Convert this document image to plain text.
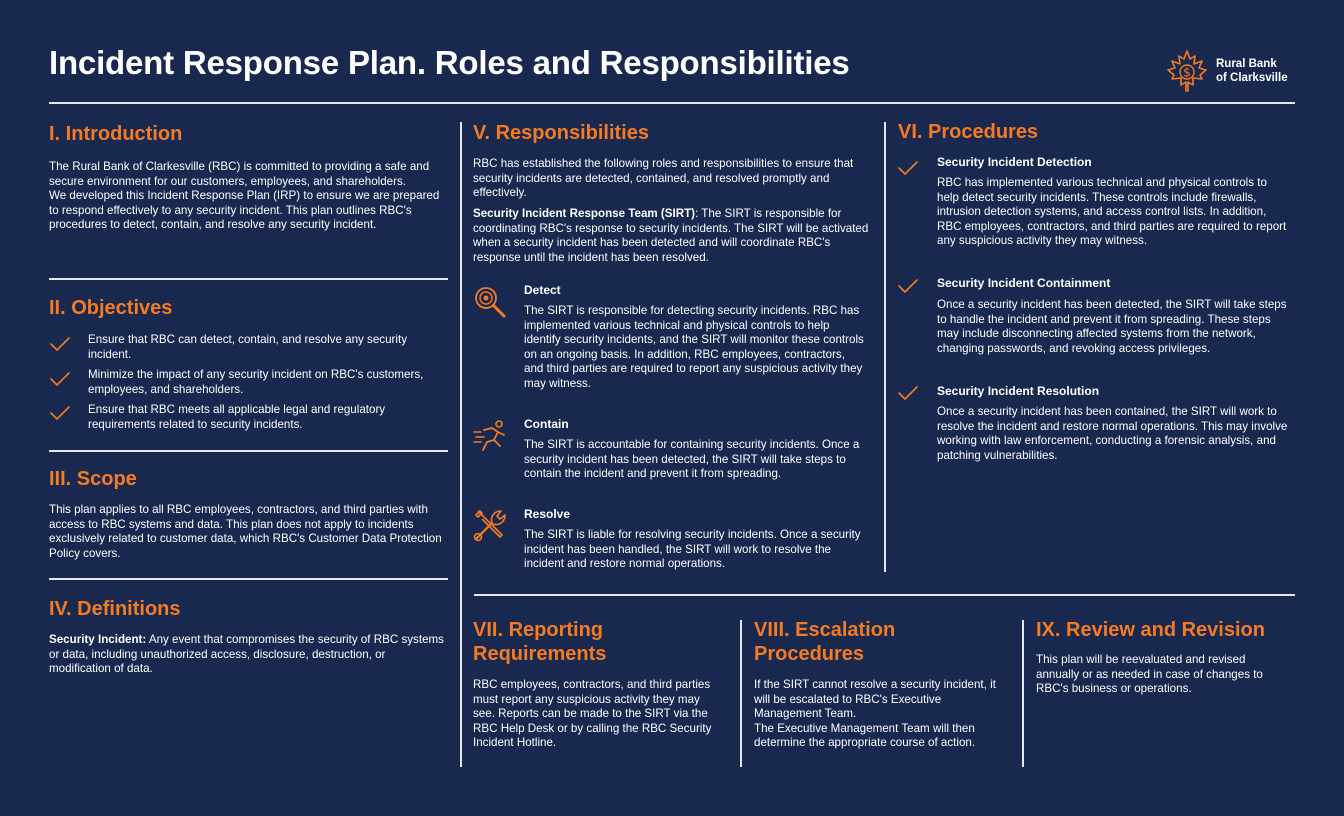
Incident Response Plan. Roles and Responsibilities	$
Rural Bank
of Clarksville
I. Introduction
The Rural Bank of Clarkesville (RBC) is committed to providing a safe and secure environment for our customers, employees, and shareholders.
We developed this Incident Response Plan (IRP) to ensure we are prepared to respond effectively to any security incident. This plan outlines RBC's procedures to detect, contain, and resolve any security incident.
II. Objectives
Ensure that RBC can detect, contain, and resolve any security incident.
Minimize the impact of any security incident on RBC's customers, employees, and shareholders.
Ensure that RBC meets all applicable legal and regulatory requirements related to security incidents.
III. Scope
This plan applies to all RBC employees, contractors, and third parties with access to RBC systems and data. This plan does not apply to incidents exclusively related to customer data, which RBC's Customer Data Protection Policy covers.
IV. Definitions
Security Incident: Any event that compromises the security of RBC systems or data, including unauthorized access, disclosure, destruction, or modification of data.
V. Responsibilities
RBC has established the following roles and responsibilities to ensure that security incidents are detected, contained, and resolved promptly and effectively.
Security Incident Response Team (SIRT): The SIRT is responsible for coordinating RBC's response to security incidents. The SIRT will be activated when a security incident has been detected and will coordinate RBC's response until the incident has been resolved.
Detect
The SIRT is responsible for detecting security incidents. RBC has implemented various technical and physical controls to help identify security incidents, and the SIRT will monitor these controls on an ongoing basis. In addition, RBC employees, contractors, and third parties are required to report any suspicious activity they may witness.
Contain
The SIRT is accountable for containing security incidents. Once a security incident has been detected, the SIRT will take steps to contain the incident and prevent it from spreading.
Resolve
The SIRT is liable for resolving security incidents. Once a security incident has been handled, the SIRT will work to resolve the incident and restore normal operations.
VI. Procedures
Security Incident Detection
RBC has implemented various technical and physical controls to help detect security incidents. These controls include firewalls, intrusion detection systems, and access control lists. In addition, RBC employees, contractors, and third parties are required to report any suspicious activity they may witness.
Security Incident Containment
Once a security incident has been detected, the SIRT will take steps to handle the incident and prevent it from spreading. These steps may include disconnecting affected systems from the network, changing passwords, and revoking access privileges.
Security Incident Resolution
Once a security incident has been contained, the SIRT will work to resolve the incident and restore normal operations. This may involve working with law enforcement, conducting a forensic analysis, and patching vulnerabilities.
VII. Reporting
Requirements
RBC employees, contractors, and third parties must report any suspicious activity they may see. Reports can be made to the SIRT via the RBC Help Desk or by calling the RBC Security Incident Hotline.
VIII. Escalation
Procedures
If the SIRT cannot resolve a security incident, it will be escalated to RBC's Executive Management Team.
The Executive Management Team will then determine the appropriate course of action.
IX. Review and Revision
This plan will be reevaluated and revised annually or as needed in case of changes to RBC's business or operations.
